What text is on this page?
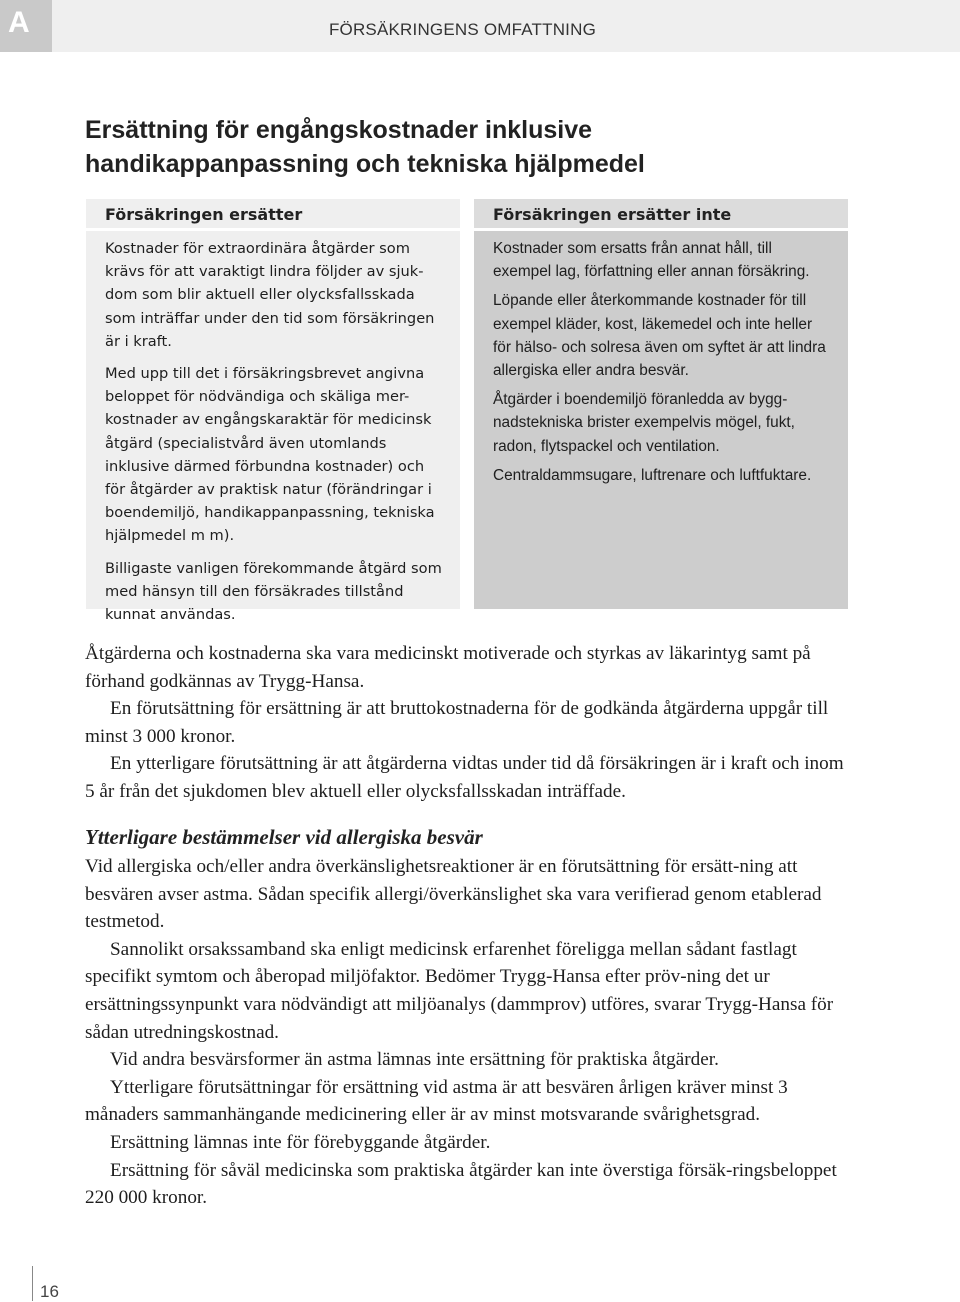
A	FÖRSÄKRINGENS OMFATTNING
Ersättning för engångskostnader inklusive
handikappanpassning och tekniska hjälpmedel
Försäkringen ersätter

Kostnader för extraordinära åtgärder som krävs för att varaktigt lindra följder av sjuk-dom som blir aktuell eller olycksfallsskada som inträffar under den tid som försäkringen är i kraft.

Med upp till det i försäkringsbrevet angivna beloppet för nödvändiga och skäliga mer-kostnader av engångskaraktär för medicinsk åtgärd (specialistvård även utomlands inklusive därmed förbundna kostnader) och för åtgärder av praktisk natur (förändringar i boendemiljö, handikappanpassning, tekniska hjälpmedel m m).

Billigaste vanligen förekommande åtgärd som med hänsyn till den försäkrades tillstånd kunnat användas.

Försäkringen ersätter inte

Kostnader som ersatts från annat håll, till exempel lag, författning eller annan försäkring.

Löpande eller återkommande kostnader för till exempel kläder, kost, läkemedel och inte heller för hälso- och solresa även om syftet är att lindra allergiska eller andra besvär.

Åtgärder i boendemiljö föranledda av bygg-nadstekniska brister exempelvis mögel, fukt, radon, flytspackel och ventilation.

Centraldammsugare, luftrenare och luftfuktare.

Åtgärderna och kostnaderna ska vara medicinskt motiverade och styrkas av läkarintyg samt på förhand godkännas av Trygg-Hansa.

En förutsättning för ersättning är att bruttokostnaderna för de godkända åtgärderna uppgår till minst 3 000 kronor.

En ytterligare förutsättning är att åtgärderna vidtas under tid då försäkringen är i kraft och inom 5 år från det sjukdomen blev aktuell eller olycksfallsskadan inträffade.

Ytterligare bestämmelser vid allergiska besvär

Vid allergiska och/eller andra överkänslighetsreaktioner är en förutsättning för ersätt-ning att besvären avser astma. Sådan specifik allergi/överkänslighet ska vara verifierad genom etablerad testmetod.

Sannolikt orsakssamband ska enligt medicinsk erfarenhet föreligga mellan sådant fastlagt specifikt symtom och åberopad miljöfaktor. Bedömer Trygg-Hansa efter pröv-ning det ur ersättningssynpunkt vara nödvändigt att miljöanalys (dammprov) utföres, svarar Trygg-Hansa för sådan utredningskostnad.

Vid andra besvärsformer än astma lämnas inte ersättning för praktiska åtgärder.

Ytterligare förutsättningar för ersättning vid astma är att besvären årligen kräver minst 3 månaders sammanhängande medicinering eller är av minst motsvarande svårighetsgrad.

Ersättning lämnas inte för förebyggande åtgärder.

Ersättning för såväl medicinska som praktiska åtgärder kan inte överstiga försäk-ringsbeloppet 220 000 kronor.

16
